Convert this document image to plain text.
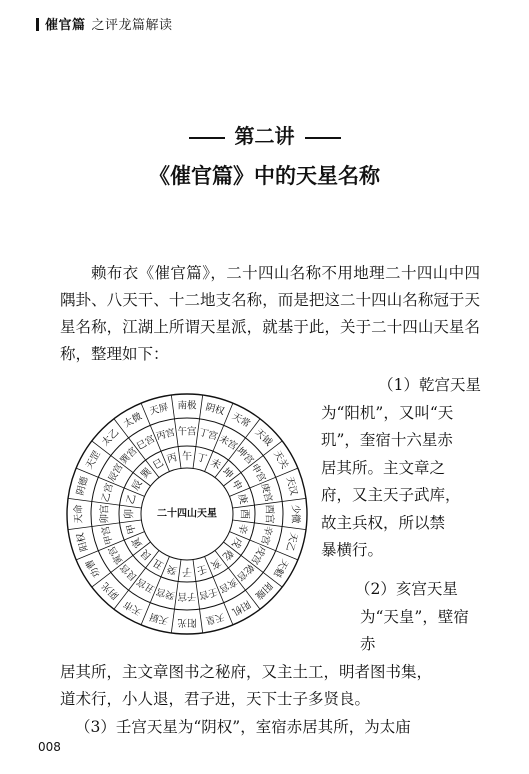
催官篇 之评龙篇解读
第二讲
《催官篇》中的天星名称
赖布衣《催官篇》，二十四山名称不用地理二十四山中四隅卦、八天干、十二地支名称，而是把这二十四山名称冠于天星名称，江湖上所谓天星派，就基于此，关于二十四山天星名称，整理如下：
（1）乾宫天星
为“阳机”，又叫“天
玑”，奎宿十六星赤
居其所。主文章之
府，又主天子武库，
故主兵权，所以禁
暴横行。
子
癸
丑
艮
寅
甲
卯
乙
辰
巽
巳 丙 午 丁 未
坤
申
庚
酉
辛
戌
乾
亥
壬
子宫
癸宫
丑宫
艮宫
寅宫
甲宫
卯宫
乙宫
辰宫
巽宫
巳宫
丙宫 午宫 丁宫
未宫
坤宫
申宫
庚宫
酉宫
辛宫
戌宫
乾宫
亥宫
壬宫
阳光
天厨
天市
阴光
功曹
阳权
天命
阴德
天罡
太乙
太微
天屏 南极 阴权
天常
天钺
天关
天汉
少微
天乙
天魁
阳璇
阳机
天皇
二十四山天星
（2）亥宫天星
为“天皇”，壁宿赤
居其所，主文章图书之秘府，又主土工，明者图书集，
道术行，小人退，君子进，天下士子多贤良。
（3）壬宫天星为“阴权”，室宿赤居其所，为太庙
008
